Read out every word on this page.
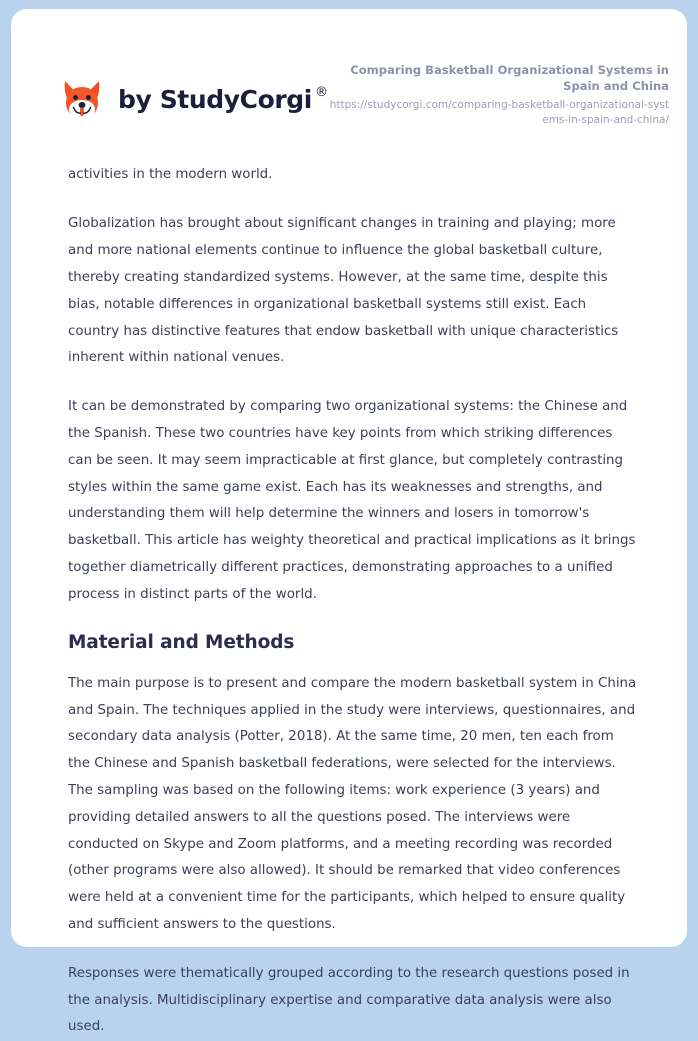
by StudyCorgi ®
Comparing Basketball Organizational Systems in Spain and China
https://studycorgi.com/comparing-basketball-organizational-systems-in-spain-and-china/

activities in the modern world.

Globalization has brought about significant changes in training and playing; more and more national elements continue to influence the global basketball culture, thereby creating standardized systems. However, at the same time, despite this bias, notable differences in organizational basketball systems still exist. Each country has distinctive features that endow basketball with unique characteristics inherent within national venues.

It can be demonstrated by comparing two organizational systems: the Chinese and the Spanish. These two countries have key points from which striking differences can be seen. It may seem impracticable at first glance, but completely contrasting styles within the same game exist. Each has its weaknesses and strengths, and understanding them will help determine the winners and losers in tomorrow's basketball. This article has weighty theoretical and practical implications as it brings together diametrically different practices, demonstrating approaches to a unified process in distinct parts of the world.

Material and Methods

The main purpose is to present and compare the modern basketball system in China and Spain. The techniques applied in the study were interviews, questionnaires, and secondary data analysis (Potter, 2018). At the same time, 20 men, ten each from the Chinese and Spanish basketball federations, were selected for the interviews. The sampling was based on the following items: work experience (3 years) and providing detailed answers to all the questions posed. The interviews were conducted on Skype and Zoom platforms, and a meeting recording was recorded (other programs were also allowed). It should be remarked that video conferences were held at a convenient time for the participants, which helped to ensure quality and sufficient answers to the questions.

Responses were thematically grouped according to the research questions posed in the analysis. Multidisciplinary expertise and comparative data analysis were also used.
